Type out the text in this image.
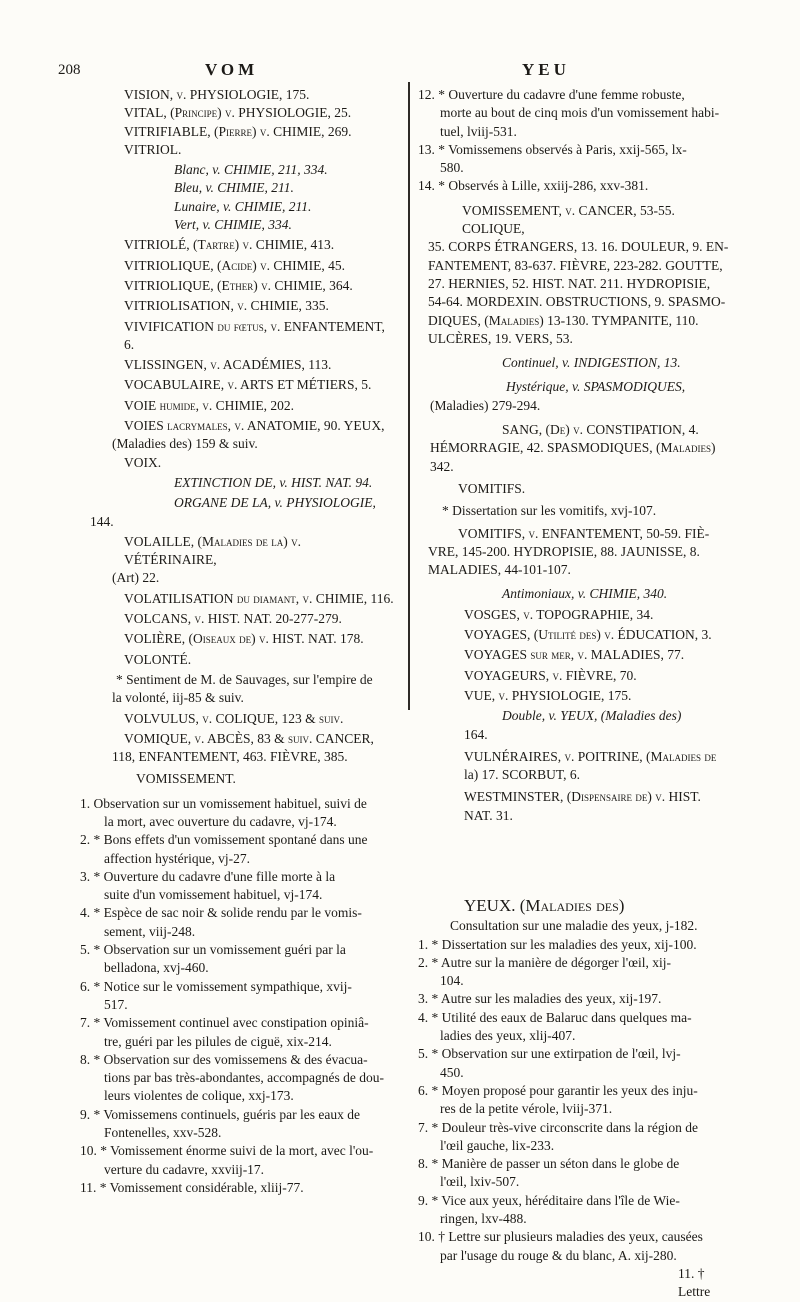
208	VOM	YEU
VISION, v. PHYSIOLOGIE, 175.
VITAL, (Principe) v. PHYSIOLOGIE, 25.
VITRIFIABLE, (Pierre) v. CHIMIE, 269.
VITRIOL.
Blanc, v. CHIMIE, 211, 334.
Bleu, v. CHIMIE, 211.
Lunaire, v. CHIMIE, 211.
Vert, v. CHIMIE, 334.
VITRIOLÉ, (Tartre) v. CHIMIE, 413.
VITRIOLIQUE, (Acide) v. CHIMIE, 45.
VITRIOLIQUE, (Ether) v. CHIMIE, 364.
VITRIOLISATION, v. CHIMIE, 335.
VIVIFICATION du fœtus, v. ENFANTEMENT, 6.
VLISSINGEN, v. ACADÉMIES, 113.
VOCABULAIRE, v. ARTS ET MÉTIERS, 5.
VOIE humide, v. CHIMIE, 202.
VOIES lacrymales, v. ANATOMIE, 90. YEUX,
(Maladies des) 159 & suiv.
VOIX.
EXTINCTION DE, v. HIST. NAT. 94.
ORGANE DE LA, v. PHYSIOLOGIE,
144.
VOLAILLE, (Maladies de la) v. VÉTÉRINAIRE,
(Art) 22.
VOLATILISATION du diamant, v. CHIMIE, 116.
VOLCANS, v. HIST. NAT. 20-277-279.
VOLIÈRE, (Oiseaux de) v. HIST. NAT. 178.
VOLONTÉ.
* Sentiment de M. de Sauvages, sur l'empire de
la volonté, iij-85 & suiv.
VOLVULUS, v. COLIQUE, 123 & suiv.
VOMIQUE, v. ABCÈS, 83 & suiv. CANCER,
118, ENFANTEMENT, 463. FIÈVRE, 385.
VOMISSEMENT.
1. Observation sur un vomissement habituel, suivi de
la mort, avec ouverture du cadavre, vj-174.
2. * Bons effets d'un vomissement spontané dans une
affection hystérique, vj-27.
3. * Ouverture du cadavre d'une fille morte à la
suite d'un vomissement habituel, vj-174.
4. * Espèce de sac noir & solide rendu par le vomis-
sement, viij-248.
5. * Observation sur un vomissement guéri par la
belladona, xvj-460.
6. * Notice sur le vomissement sympathique, xvij-
517.
7. * Vomissement continuel avec constipation opiniâ-
tre, guéri par les pilules de ciguë, xix-214.
8. * Observation sur des vomissemens & des évacua-
tions par bas très-abondantes, accompagnés de dou-
leurs violentes de colique, xxj-173.
9. * Vomissemens continuels, guéris par les eaux de
Fontenelles, xxv-528.
10. * Vomissement énorme suivi de la mort, avec l'ou-
verture du cadavre, xxviij-17.
11. * Vomissement considérable, xliij-77.
12. * Ouverture du cadavre d'une femme robuste,
morte au bout de cinq mois d'un vomissement habi-
tuel, lviij-531.
13. * Vomissemens observés à Paris, xxij-565, lx-
580.
14. * Observés à Lille, xxiij-286, xxv-381.
VOMISSEMENT, v. CANCER, 53-55. COLIQUE,
35. CORPS ÉTRANGERS, 13. 16. DOULEUR, 9. EN-
FANTEMENT, 83-637. FIÈVRE, 223-282. GOUTTE,
27. HERNIES, 52. HIST. NAT. 211. HYDROPISIE,
54-64. MORDEXIN. OBSTRUCTIONS, 9. SPASMO-
DIQUES, (Maladies) 13-130. TYMPANITE, 110.
ULCÈRES, 19. VERS, 53.
Continuel, v. INDIGESTION, 13.
Hystérique, v. SPASMODIQUES,
(Maladies) 279-294.
SANG, (De) v. CONSTIPATION, 4.
HÉMORRAGIE, 42. SPASMODIQUES, (Maladies)
342.
VOMITIFS.
* Dissertation sur les vomitifs, xvj-107.
VOMITIFS, v. ENFANTEMENT, 50-59. FIÈ-
VRE, 145-200. HYDROPISIE, 88. JAUNISSE, 8.
MALADIES, 44-101-107.
Antimoniaux, v. CHIMIE, 340.
VOSGES, v. TOPOGRAPHIE, 34.
VOYAGES, (Utilité des) v. ÉDUCATION, 3.
VOYAGES sur mer, v. MALADIES, 77.
VOYAGEURS, v. FIÈVRE, 70.
VUE, v. PHYSIOLOGIE, 175.
Double, v. YEUX, (Maladies des)
164.
VULNÉRAIRES, v. POITRINE, (Maladies de
la) 17. SCORBUT, 6.
WESTMINSTER, (Dispensaire de) v. HIST.
NAT. 31.
YEUX. (Maladies des)
Consultation sur une maladie des yeux, j-182.
1. * Dissertation sur les maladies des yeux, xij-100.
2. * Autre sur la manière de dégorger l'œil, xij-
104.
3. * Autre sur les maladies des yeux, xij-197.
4. * Utilité des eaux de Balaruc dans quelques ma-
ladies des yeux, xlij-407.
5. * Observation sur une extirpation de l'œil, lvj-
450.
6. * Moyen proposé pour garantir les yeux des inju-
res de la petite vérole, lviij-371.
7. * Douleur très-vive circonscrite dans la région de
l'œil gauche, lix-233.
8. * Manière de passer un séton dans le globe de
l'œil, lxiv-507.
9. * Vice aux yeux, héréditaire dans l'île de Wie-
ringen, lxv-488.
10. † Lettre sur plusieurs maladies des yeux, causées
par l'usage du rouge & du blanc, A. xij-280.
11. † Lettre
